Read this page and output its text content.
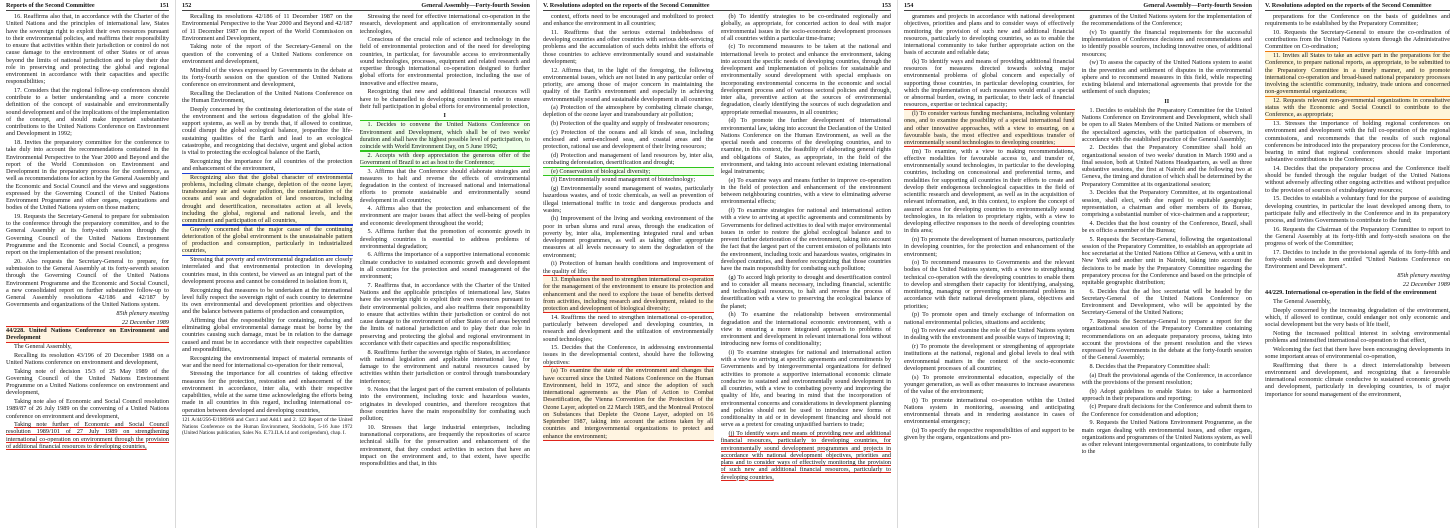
Reports of the Second Committee	151

16. Reaffirms also that, in accordance with the Charter of the United Nations and the principles of international law, States have the sovereign right to exploit their own resources pursuant to their environmental policies, and reaffirms their responsibility to ensure that activities within their jurisdiction or control do not cause damage to the environment of other States or of areas beyond the limits of national jurisdiction and to play their due role in preserving and protecting the global and regional environment in accordance with their capacities and specific responsibilities;

17. Considers that the regional follow-up conferences should contribute to a better understanding and a more concrete definition of the concept of sustainable and environmentally sound development and of the implications of the implementation of the concept, and should make important substantive contributions to the United Nations Conference on Environment and Development in 1992;

18. Invites the preparatory committee for the conference to take duly into account the recommendations contained in the Environmental Perspective to the Year 2000 and Beyond and the report of the World Commission on Environment and Development in the preparatory process for the conference, as well as recommendations for action by the General Assembly and the Economic and Social Council and the views and suggestions expressed by the Governing Council of the United Nations Environment Programme and other organs, organizations and bodies of the United Nations system on those matters;

19. Requests the Secretary-General to prepare for submission to the conference through the preparatory committee, and to the General Assembly at its forty-sixth session through the Governing Council of the United Nations Environment Programme and the Economic and Social Council, a progress report on the implementation of the present resolution;

20. Also requests the Secretary-General to prepare, for submission to the General Assembly at its forty-seventh session through the Governing Council of the United Nations Environment Programme and the Economic and Social Council, a new consolidated report on further substantive follow-up to General Assembly resolutions 42/186 and 42/187 by Governments and organizations of the United Nations system.

85th plenary meeting

22 December 1989

44/228. United Nations Conference on Environment and Development

The General Assembly,

Recalling its resolution 43/196 of 20 December 1988 on a United Nations conference on environment and development,

Taking note of decision 15/3 of 25 May 1989 of the Governing Council of the United Nations Environment Programme on a United Nations conference on environment and development,

Taking note also of Economic and Social Council resolution 1989/87 of 26 July 1989 on the convening of a United Nations conference on environment and development,

Taking note further of Economic and Social Council resolution 1989/101 of 27 July 1989 on strengthening international co-operation on environment through the provision of additional financial resources to developing countries,

152	General Assembly—Forty-fourth Session

Recalling its resolutions 42/186 of 11 December 1987 on the Environmental Perspective to the Year 2000 and Beyond and 42/187 of 11 December 1987 on the report of the World Commission on Environment and Development,

Taking note of the report of the Secretary-General on the question of the convening of a United Nations conference on environment and development,

Mindful of the views expressed by Governments in the debate at its forty-fourth session on the question of the United Nations conference on environment and development,

Recalling the Declaration of the United Nations Conference on the Human Environment,

Deeply concerned by the continuing deterioration of the state of the environment and the serious degradation of the global life-support systems, as well as by trends that, if allowed to continue, could disrupt the global ecological balance, jeopardize the life-sustaining qualities of the Earth and lead to an ecological catastrophe, and recognizing that decisive, urgent and global action is vital to protecting the ecological balance of the Earth,

Recognizing the importance for all countries of the protection and enhancement of the environment,

Recognizing also that the global character of environmental problems, including climate change, depletion of the ozone layer, transboundary air and water pollution, the contamination of the oceans and seas and degradation of land resources, including drought and desertification, necessitates action at all levels, including the global, regional and national levels, and the commitment and participation of all countries,

Gravely concerned that the major cause of the continuing deterioration of the global environment is the unsustainable pattern of production and consumption, particularly in industrialized countries,

Stressing that poverty and environmental degradation are closely interrelated and that environmental protection in developing countries must, in this context, be viewed as an integral part of the development process and cannot be considered in isolation from it,

Recognizing that measures to be undertaken at the international level fully respect the sovereign right of each country to determine its own environmental and development priorities and objectives and the balance between patterns of production and consumption,

Affirming that the responsibility for containing, reducing and eliminating global environmental damage must be borne by the countries causing such damage, must be in relation to the damage caused and must be in accordance with their respective capabilities and responsibilities,

Recognizing the environmental impact of material remnants of war and the need for international co-operation for their removal,

Stressing the importance for all countries of taking effective measures for the protection, restoration and enhancement of the environment in accordance, inter alia, with their respective capabilities, while at the same time acknowledging the efforts being made in all countries in this regard, including international co-operation between developed and developing countries,

121 A/44/256-E/1989/66 and Corr.1 and Add.1 and 2. 122 Report of the United Nations Conference on the Human Environment, Stockholm, 5-16 June 1972 (United Nations publication, Sales No. E.73.II.A.14 and corrigendum), chap. I.

Stressing the need for effective international co-operation in the research, development and application of environmentally sound technologies,

Conscious of the crucial role of science and technology in the field of environmental protection and of the need for developing countries, in particular, for favourable access to environmentally sound technologies, processes, equipment and related research and expertise through international co-operation designed to further global efforts for environmental protection, including the use of innovative and effective means,

Recognizing that new and additional financial resources will have to be channelled to developing countries in order to ensure their full participation in global efforts for environmental protection,

I

1. Decides to convene the United Nations Conference on Environment and Development, which shall be of two weeks' duration and shall have the highest possible level of participation, to coincide with World Environment Day, on 5 June 1992;

2. Accepts with deep appreciation the generous offer of the Government of Brazil to act as host to the Conference;

3. Affirms that the Conference should elaborate strategies and measures to halt and reverse the effects of environmental degradation in the context of increased national and international efforts to promote sustainable and environmentally sound development in all countries;

4. Affirms also that the protection and enhancement of the environment are major issues that affect the well-being of peoples and economic development throughout the world;

5. Affirms further that the promotion of economic growth in developing countries is essential to address problems of environmental degradation;

6. Affirms the importance of a supportive international economic climate conducive to sustained economic growth and development in all countries for the protection and sound management of the environment;

7. Reaffirms that, in accordance with the Charter of the United Nations and the applicable principles of international law, States have the sovereign right to exploit their own resources pursuant to their environmental policies, and also reaffirms their responsibility to ensure that activities within their jurisdiction or control do not cause damage to the environment of other States or of areas beyond the limits of national jurisdiction and to play their due role in preserving and protecting the global and regional environment in accordance with their capacities and specific responsibilities;

8. Reaffirms further the sovereign rights of States, in accordance with national legislation and applicable international law, for damage to the environment and natural resources caused by activities within their jurisdiction or control through transboundary interference;

9. Notes that the largest part of the current emission of pollutants into the environment, including toxic and hazardous wastes, originates in developed countries, and therefore recognizes that those countries have the main responsibility for combating such pollution;

10. Stresses that large industrial enterprises, including transnational corporations, are frequently the repositories of scarce technical skills for the preservation and enhancement of the environment, that they conduct activities in sectors that have an impact on the environment and, to that extent, have specific responsibilities and that, in this

V. Resolutions adopted on the reports of the Second Committee	153

context, efforts need to be encouraged and mobilized to protect and enhance the environment in all countries;

11. Reaffirms that the serious external indebtedness of developing countries and other countries with serious debt-servicing problems and the accumulation of such debts inhibit the efforts of those countries to achieve environmentally sound and sustainable development;

12. Affirms that, in the light of the foregoing, the following environmental issues, which are not listed in any particular order of priority, are among those of major concern in maintaining the quality of the Earth's environment and especially in achieving environmentally sound and sustainable development in all countries:

(a) Protection of the atmosphere by combating climate change, depletion of the ozone layer and transboundary air pollution;

(b) Protection of the quality and supply of freshwater resources;

(c) Protection of the oceans and all kinds of seas, including enclosed and semi-enclosed seas, and coastal areas and the protection, rational use and development of their living resources;

(d) Protection and management of land resources by, inter alia, combating deforestation, desertification and drought;

(e) Conservation of biological diversity;

(f) Environmentally sound management of biotechnology;

(g) Environmentally sound management of wastes, particularly hazardous wastes, and of toxic chemicals, as well as prevention of illegal international traffic in toxic and dangerous products and wastes;

(h) Improvement of the living and working environment of the poor in urban slums and rural areas, through the eradication of poverty by, inter alia, implementing integrated rural and urban development programmes, as well as taking other appropriate measures at all levels necessary to stem the degradation of the environment;

(i) Protection of human health conditions and improvement of the quality of life;

13. Emphasizes the need to strengthen international co-operation for the management of the environment to ensure its protection and enhancement and the need to explore the issue of benefits derived from activities, including research and development, related to the protection and development of biological diversity;

14. Reaffirms the need to strengthen international co-operation, particularly between developed and developing countries, in research and development and the utilization of environmentally sound technologies;

15. Decides that the Conference, in addressing environmental issues in the developmental context, should have the following objectives:

(a) To examine the state of the environment and changes that have occurred since the United Nations Conference on the Human Environment, held in 1972, and since the adoption of such international agreements as the Plan of Action to Combat Desertification, the Vienna Convention for the Protection of the Ozone Layer, adopted on 22 March 1985, and the Montreal Protocol on Substances that Deplete the Ozone Layer, adopted on 16 September 1987, taking into account the actions taken by all countries and intergovernmental organizations to protect and enhance the environment;

(b) To identify strategies to be co-ordinated regionally and globally, as appropriate, for concerted action to deal with major environmental issues in the socio-economic development processes of all countries within a particular time-frame;

(c) To recommend measures to be taken at the national and international levels to protect and enhance the environment, taking into account the specific needs of developing countries, through the development and implementation of policies for sustainable and environmentally sound development with special emphasis on incorporating environmental concerns in the economic and social development process and of various sectoral policies and through, inter alia, preventive action at the sources of environmental degradation, clearly identifying the sources of such degradation and appropriate remedial measures, in all countries;

(d) To promote the further development of international environmental law, taking into account the Declaration of the United Nations Conference on the Human Environment, as well as the special needs and concerns of the developing countries, and to examine, in this context, the feasibility of elaborating general rights and obligations of States, as appropriate, in the field of the environment, and taking into account relevant existing international legal instruments;

(e) To examine ways and means further to improve co-operation in the field of protection and enhancement of the environment between neighbouring countries, with a view to eliminating adverse environmental effects;

(f) To examine strategies for national and international action with a view to arriving at specific agreements and commitments by Governments for defined activities to deal with major environmental issues in order to restore the global ecological balance and to prevent further deterioration of the environment, taking into account the fact that the largest part of the current emission of pollutants into the environment, including toxic and hazardous wastes, originates in developed countries, and therefore recognizing that those countries have the main responsibility for combating such pollution;

(g) To accord high priority to drought and desertification control and to consider all means necessary, including financial, scientific and technological resources, to halt and reverse the process of desertification with a view to preserving the ecological balance of the planet;

(h) To examine the relationship between environmental degradation and the international economic environment, with a view to ensuring a more integrated approach to problems of environment and development in relevant international fora without introducing new forms of conditionality;

(i) To examine strategies for national and international action with a view to arriving at specific agreements and commitments by Governments and by intergovernmental organizations for defined activities to promote a supportive international economic climate conducive to sustained and environmentally sound development in all countries, with a view to combating poverty and improving the quality of life, and bearing in mind that the incorporation of environmental concerns and considerations in development planning and policies should not be used to introduce new forms of conditionality in aid or in development financing and should not serve as a pretext for creating unjustified barriers to trade;

(j) To identify ways and means of providing new and additional financial resources, particularly to developing countries, for environmentally sound development programmes and projects in accordance with national development objectives, priorities and plans and to consider ways of effectively monitoring the provision of such new and additional financial resources, particularly to developing countries,

154	General Assembly—Forty-fourth Session

grammes and projects in accordance with national development objectives, priorities and plans and to consider ways of effectively monitoring the provision of such new and additional financial resources, particularly to developing countries, so as to enable the international community to take further appropriate action on the basis of accurate and reliable data;

(k) To identify ways and means of providing additional financial resources for measures directed towards solving major environmental problems of global concern and especially of supporting those countries, in particular developing countries, for which the implementation of such measures would entail a special or abnormal burden, owing, in particular, to their lack of financial resources, expertise or technical capacity;

(l) To consider various funding mechanisms, including voluntary ones, and to examine the possibility of a special international fund and other innovative approaches, with a view to ensuring, on a favourable basis, the most effective and expeditious transfer of environmentally sound technologies to developing countries;

(m) To examine, with a view to making recommendations, effective modalities for favourable access to, and transfer of, environmentally sound technologies, in particular to the developing countries, including on concessional and preferential terms, and modalities for supporting all countries in their efforts to create and develop their endogenous technological capacities in the field of scientific research and development, as well as in the acquisition of relevant information, and, in this context, to explore the concept of assured access for developing countries to environmentally sound technologies, in its relation to proprietary rights, with a view to developing effective responses to the needs of developing countries in this area;

(n) To promote the development of human resources, particularly in developing countries, for the protection and enhancement of the environment;

(o) To recommend measures to Governments and the relevant bodies of the United Nations system, with a view to strengthening technical co-operation with the developing countries to enable them to develop and strengthen their capacity for identifying, analysing, monitoring, managing or preventing environmental problems in accordance with their national development plans, objectives and priorities;

(p) To promote open and timely exchange of information on national environmental policies, situations and accidents;

(q) To review and examine the role of the United Nations system in dealing with the environment and possible ways of improving it;

(r) To promote the development or strengthening of appropriate institutions at the national, regional and global levels to deal with environmental matters in the context of the socio-economic development processes of all countries;

(s) To promote environmental education, especially of the younger generation, as well as other measures to increase awareness of the value of the environment;

(t) To promote international co-operation within the United Nations system in monitoring, assessing and anticipating environmental threats and in rendering assistance in cases of environmental emergency;

(u) To specify the respective responsibilities of and support to be given by the organs, organizations and pro-

grammes of the United Nations system for the implementation of the recommendations of the Conference;

(v) To quantify the financial requirements for the successful implementation of Conference decisions and recommendations and to identify possible sources, including innovative ones, of additional resources;

(w) To assess the capacity of the United Nations system to assist in the prevention and settlement of disputes in the environmental sphere and to recommend measures in this field, while respecting existing bilateral and international agreements that provide for the settlement of such disputes;

II

1. Decides to establish the Preparatory Committee for the United Nations Conference on Environment and Development, which shall be open to all States Members of the United Nations or members of the specialized agencies, with the participation of observers, in accordance with the established practice of the General Assembly;

2. Decides that the Preparatory Committee shall hold an organizational session of two weeks' duration in March 1990 and a final session, both at United Nations Headquarters, as well as three substantive sessions, the first at Nairobi and the following two at Geneva, the timing and duration of which shall be determined by the Preparatory Committee at its organizational session;

3. Decides that the Preparatory Committee, at its organizational session, shall elect, with due regard to equitable geographic representation, a chairman and other members of its Bureau, comprising a substantial number of vice-chairmen and a rapporteur;

4. Decides that the host country of the Conference, Brazil, shall be ex officio a member of the Bureau;

5. Requests the Secretary-General, following the organizational session of the Preparatory Committee, to establish an appropriate ad hoc secretariat at the United Nations Office at Geneva, with a unit in New York and another unit in Nairobi, taking into account the decisions to be made by the Preparatory Committee regarding the preparatory process for the Conference and based on the principle of equitable geographic distribution;

6. Decides that the ad hoc secretariat will be headed by the Secretary-General of the United Nations Conference on Environment and Development, who will be appointed by the Secretary-General of the United Nations;

7. Requests the Secretary-General to prepare a report for the organizational session of the Preparatory Committee containing recommendations on an adequate preparatory process, taking into account the provisions of the present resolution and the views expressed by Governments in the debate at the forty-fourth session of the General Assembly;

8. Decides that the Preparatory Committee shall:

(a) Draft the provisional agenda of the Conference, in accordance with the provisions of the present resolution;

(b) Adopt guidelines to enable States to take a harmonized approach in their preparations and reporting;

(c) Prepare draft decisions for the Conference and submit them to the Conference for consideration and adoption;

9. Requests the United Nations Environment Programme, as the main organ dealing with environmental issues, and other organs, organizations and programmes of the United Nations system, as well as other relevant intergovernmental organizations, to contribute fully to the

V. Resolutions adopted on the reports of the Second Committee

preparations for the Conference on the basis of guidelines and requirements to be established by the Preparatory Committee;

10. Requests the Secretary-General to ensure the co-ordination of contributions from the United Nations system through the Administrative Committee on Co-ordination;

11. Invites all States to take an active part in the preparations for the Conference, to prepare national reports, as appropriate, to be submitted to the Preparatory Committee in a timely manner, and to promote international co-operation and broad-based national preparatory processes involving the scientific community, industry, trade unions and concerned non-governmental organizations;

12. Requests relevant non-governmental organizations in consultative status with the Economic and Social Council to contribute to the Conference, as appropriate;

13. Stresses the importance of holding regional conferences on environment and development with the full co-operation of the regional commissions, and recommends that the results of such regional conferences be introduced into the preparatory process for the Conference, bearing in mind that regional conferences should make important substantive contributions to the Conference;

14. Decides that the preparatory process and the Conference itself should be funded through the regular budget of the United Nations without adversely affecting other ongoing activities and without prejudice to the provision of sources of extrabudgetary resources;

15. Decides to establish a voluntary fund for the purpose of assisting developing countries, in particular the least developed among them, to participate fully and effectively in the Conference and in its preparatory process, and invites Governments to contribute to the fund;

16. Requests the Chairman of the Preparatory Committee to report to the General Assembly at its forty-fifth and forty-sixth sessions on the progress of work of the Committee;

17. Decides to include in the provisional agenda of its forty-fifth and forty-sixth sessions an item entitled "United Nations Conference on Environment and Development".

85th plenary meeting

22 December 1989

44/229. International co-operation in the field of the environment

The General Assembly,

Deeply concerned by the increasing degradation of the environment, which, if allowed to continue, could endanger not only economic and social development but the very basis of life itself,

Noting the increased political interest in solving environmental problems and intensified international co-operation to that effect,

Welcoming the fact that there have been encouraging developments in some important areas of environmental co-operation,

Reaffirming that there is a direct interrelationship between environment and development, and recognizing that a favourable international economic climate conducive to sustained economic growth and development, particularly in developing countries, is of major importance for sound management of the environment,
